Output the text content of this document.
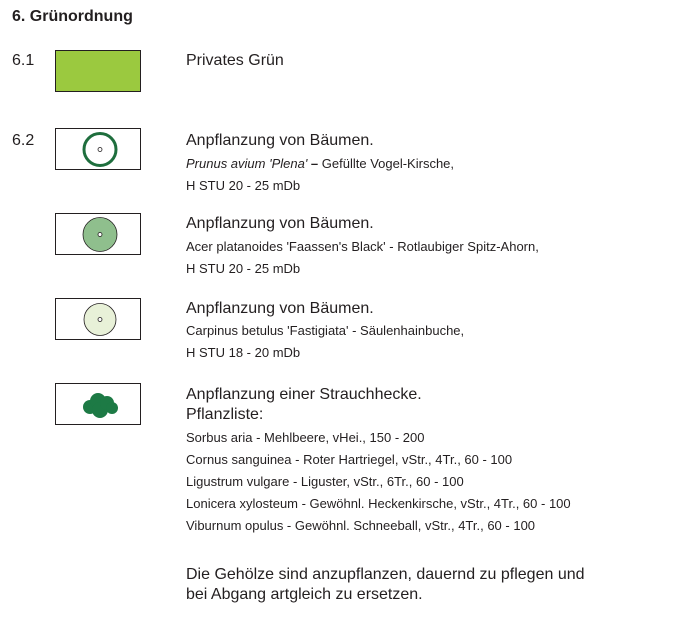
6. Grünordnung
6.1	Privates Grün
6.2	Anpflanzung von Bäumen.
Prunus avium 'Plena' – Gefüllte Vogel-Kirsche,
H STU 20 - 25 mDb
Anpflanzung von Bäumen.
Acer platanoides 'Faassen's Black' - Rotlaubiger Spitz-Ahorn,
H STU 20 - 25 mDb
Anpflanzung von Bäumen.
Carpinus betulus 'Fastigiata' - Säulenhainbuche,
H STU 18 - 20 mDb
Anpflanzung einer Strauchhecke.
Pflanzliste:
Sorbus aria - Mehlbeere, vHei., 150 - 200
Cornus sanguinea - Roter Hartriegel, vStr., 4Tr., 60 - 100
Ligustrum vulgare - Liguster, vStr., 6Tr., 60 - 100
Lonicera xylosteum - Gewöhnl. Heckenkirsche, vStr., 4Tr., 60 - 100
Viburnum opulus - Gewöhnl. Schneeball, vStr., 4Tr., 60 - 100
Die Gehölze sind anzupflanzen, dauernd zu pflegen und
bei Abgang artgleich zu ersetzen.
